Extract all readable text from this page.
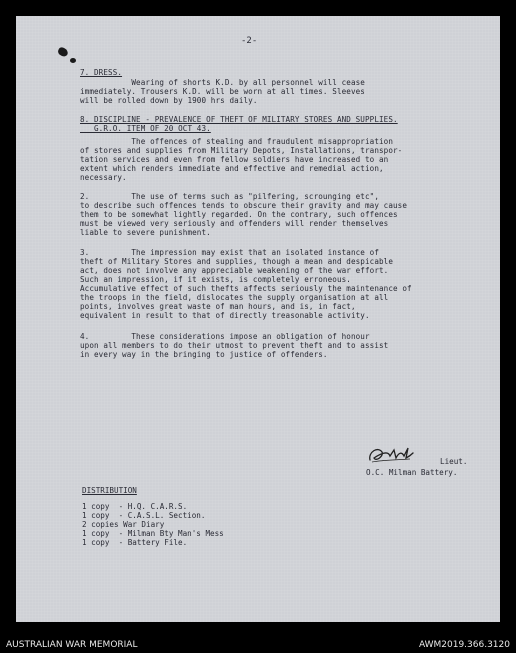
-2-
7. DRESS.
Wearing of shorts K.D. by all personnel will cease
immediately. Trousers K.D. will be worn at all times. Sleeves
will be rolled down by 1900 hrs daily.
8. DISCIPLINE - PREVALENCE OF THEFT OF MILITARY STORES AND SUPPLIES.
G.R.O. ITEM OF 20 OCT 43.
The offences of stealing and fraudulent misappropriation
of stores and supplies from Military Depots, Installations, transpor-
tation services and even from fellow soldiers have increased to an
extent which renders immediate and effective and remedial action,
necessary.
2.         The use of terms such as "pilfering, scrounging etc",
to describe such offences tends to obscure their gravity and may cause
them to be somewhat lightly regarded. On the contrary, such offences
must be viewed very seriously and offenders will render themselves
liable to severe punishment.
3.         The impression may exist that an isolated instance of
theft of Military Stores and supplies, though a mean and despicable
act, does not involve any appreciable weakening of the war effort.
Such an impression, if it exists, is completely erroneous.
Accumulative effect of such thefts affects seriously the maintenance of
the troops in the field, dislocates the supply organisation at all
points, involves great waste of man hours, and is, in fact,
equivalent in result to that of directly treasonable activity.
4.         These considerations impose an obligation of honour
upon all members to do their utmost to prevent theft and to assist
in every way in the bringing to justice of offenders.
Lieut.
O.C. Milman Battery.
DISTRIBUTION
1 copy  - H.Q. C.A.R.S.
1 copy  - C.A.S.L. Section.
2 copies War Diary
1 copy  - Milman Bty Man's Mess
1 copy  - Battery File.
AUSTRALIAN WAR MEMORIAL	AWM2019.366.3120
